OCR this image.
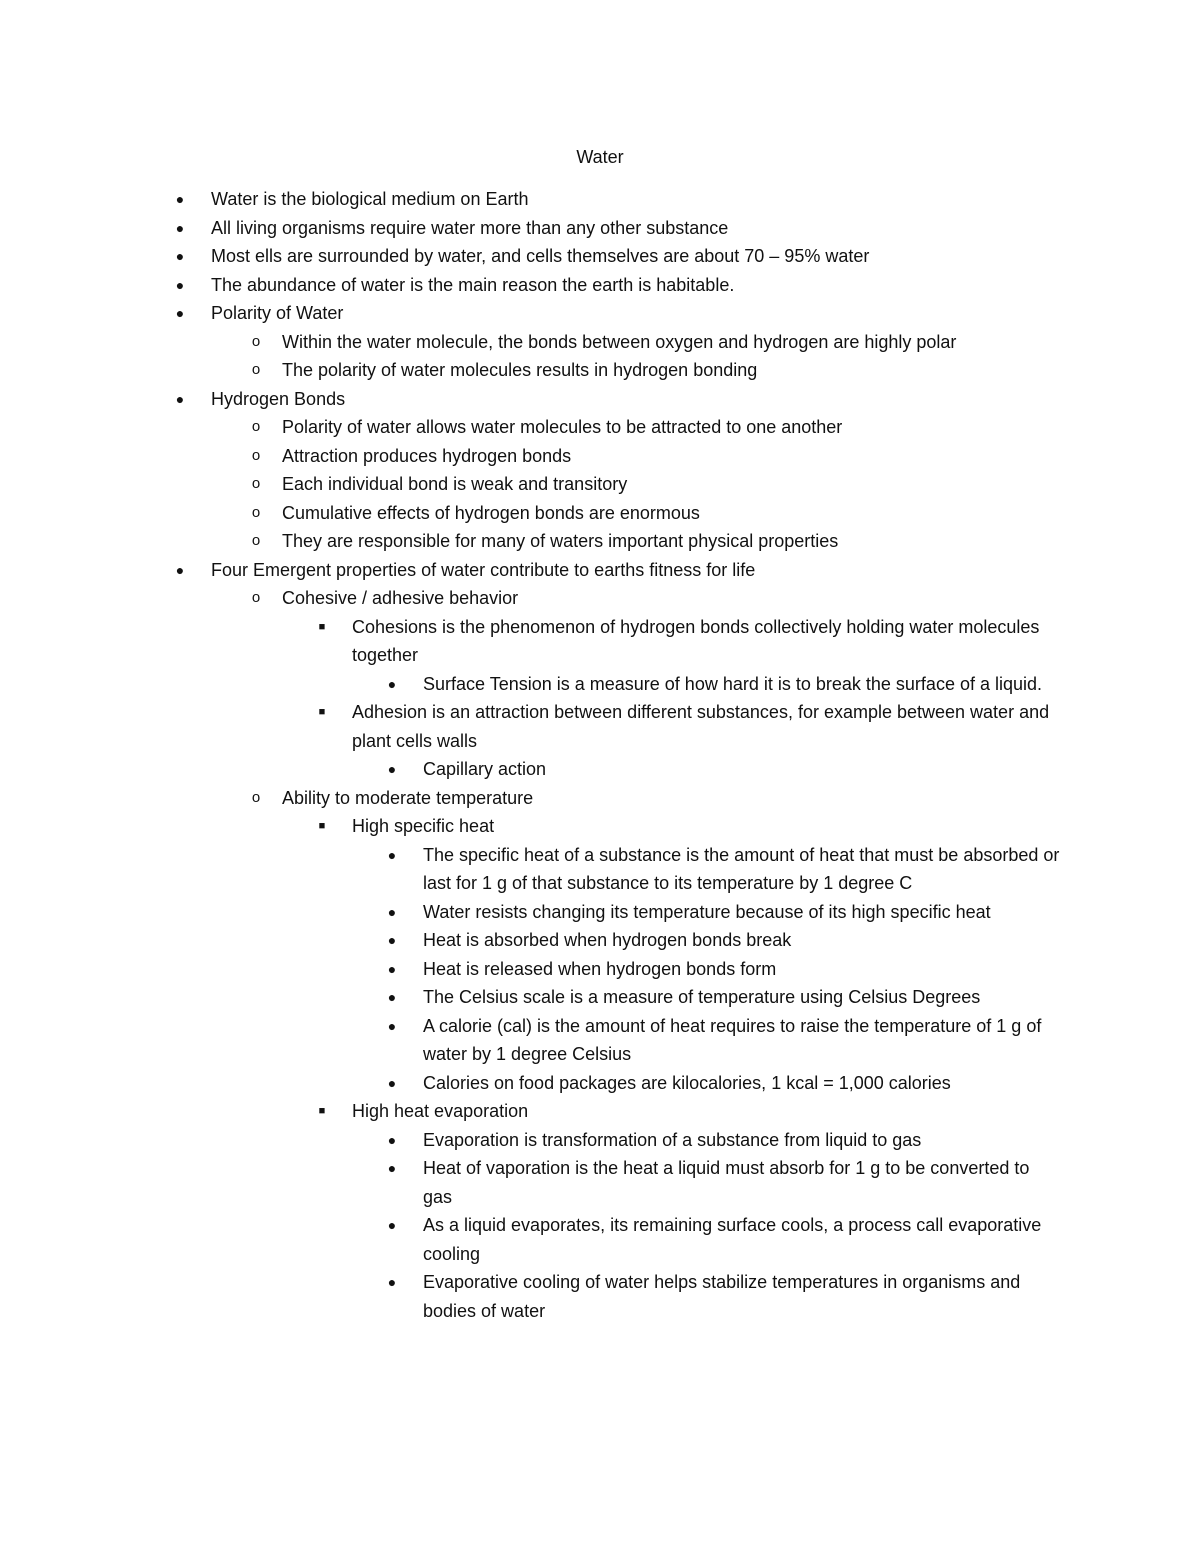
Water
●	Water is the biological medium on Earth
●	All living organisms require water more than any other substance
●	Most ells are surrounded by water, and cells themselves are about 70 – 95% water
●	The abundance of water is the main reason the earth is habitable.
●	Polarity of Water
o	Within the water molecule, the bonds between oxygen and hydrogen are highly polar
o	The polarity of water molecules results in hydrogen bonding
●	Hydrogen Bonds
o	Polarity of water allows water molecules to be attracted to one another
o	Attraction produces hydrogen bonds
o	Each individual bond is weak and transitory
o	Cumulative effects of hydrogen bonds are enormous
o	They are responsible for many of waters important physical properties
●	Four Emergent properties of water contribute to earths fitness for life
o	Cohesive / adhesive behavior
■	Cohesions is the phenomenon of hydrogen bonds collectively holding water molecules together
●	Surface Tension is a measure of how hard it is to break the surface of a liquid.
■	Adhesion is an attraction between different substances, for example between water and plant cells walls
●	Capillary action
o	Ability to moderate temperature
■	High specific heat
●	The specific heat of a substance is the amount of heat that must be absorbed or last for 1 g of that substance to its temperature by 1 degree C
●	Water resists changing its temperature because of its high specific heat
●	Heat is absorbed when hydrogen bonds break
●	Heat is released when hydrogen bonds form
●	The Celsius scale is a measure of temperature using Celsius Degrees
●	A calorie (cal) is the amount of heat requires to raise the temperature of 1 g of water by 1 degree Celsius
●	Calories on food packages are kilocalories, 1 kcal = 1,000 calories
■	High heat evaporation
●	Evaporation is transformation of a substance from liquid to gas
●	Heat of vaporation is the heat a liquid must absorb for 1 g to be converted to gas
●	As a liquid evaporates, its remaining surface cools, a process call evaporative cooling
●	Evaporative cooling of water helps stabilize temperatures in organisms and bodies of water
